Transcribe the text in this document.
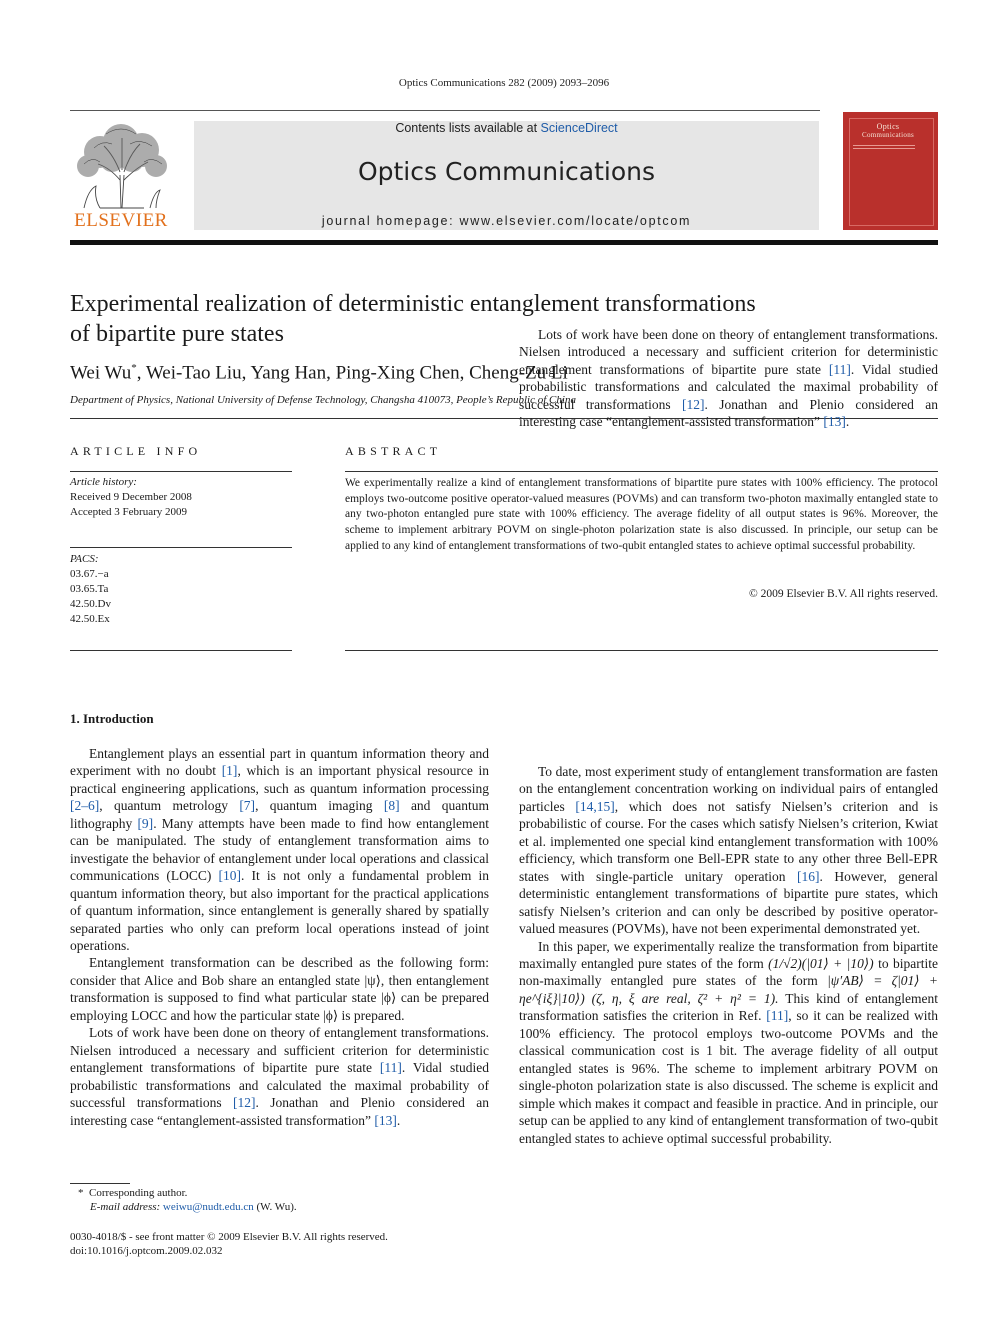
Optics Communications 282 (2009) 2093–2096
ELSEVIER
Contents lists available at ScienceDirect
Optics Communications
journal homepage: www.elsevier.com/locate/optcom
Optics
Communications
Experimental realization of deterministic entanglement transformations
of bipartite pure states
Wei Wu*, Wei-Tao Liu, Yang Han, Ping-Xing Chen, Cheng-Zu Li
Department of Physics, National University of Defense Technology, Changsha 410073, People’s Republic of China
ARTICLE INFO
Article history:
Received 9 December 2008
Accepted 3 February 2009
PACS:
03.67.−a
03.65.Ta
42.50.Dv
42.50.Ex
ABSTRACT
We experimentally realize a kind of entanglement transformations of bipartite pure states with 100% efficiency. The protocol employs two-outcome positive operator-valued measures (POVMs) and can transform two-photon maximally entangled state to any two-photon entangled pure state with 100% efficiency. The average fidelity of all output states is 96%. Moreover, the scheme to implement arbitrary POVM on single-photon polarization state is also discussed. In principle, our setup can be applied to any kind of entanglement transformations of two-qubit entangled states to achieve optimal successful probability.
© 2009 Elsevier B.V. All rights reserved.
1. Introduction

Entanglement plays an essential part in quantum information theory and experiment with no doubt [1], which is an important physical resource in practical engineering applications, such as quantum information processing [2–6], quantum metrology [7], quantum imaging [8] and quantum lithography [9]. Many attempts have been made to find how entanglement can be manipulated. The study of entanglement transformation aims to investigate the behavior of entanglement under local operations and classical communications (LOCC) [10]. It is not only a fundamental problem in quantum information theory, but also important for the practical applications of quantum information, since entanglement is generally shared by spatially separated parties who only can preform local operations instead of joint operations.

Entanglement transformation can be described as the following form: consider that Alice and Bob share an entangled state |ψ⟩, then entanglement transformation is supposed to find what particular state |ϕ⟩ can be prepared employing LOCC and how the particular state |ϕ⟩ is prepared.

Lots of work have been done on theory of entanglement transformations. Nielsen introduced a necessary and sufficient criterion for deterministic entanglement transformations of bipartite pure state [11]. Vidal studied probabilistic transformations and calculated the maximal probability of successful transformations [12]. Jonathan and Plenio considered an interesting case “entanglement-assisted transformation” [13].

* Corresponding author.
E-mail address: weiwu@nudt.edu.cn (W. Wu).
0030-4018/$ - see front matter © 2009 Elsevier B.V. All rights reserved.
doi:10.1016/j.optcom.2009.02.032

Lots of work have been done on theory of entanglement transformations. Nielsen introduced a necessary and sufficient criterion for deterministic entanglement transformations of bipartite pure state [11]. Vidal studied probabilistic transformations and calculated the maximal probability of successful transformations [12]. Jonathan and Plenio considered an interesting case “entanglement-assisted transformation” [13].

To date, most experiment study of entanglement transformation are fasten on the entanglement concentration working on individual pairs of entangled particles [14,15], which does not satisfy Nielsen’s criterion and is probabilistic of course. For the cases which satisfy Nielsen’s criterion, Kwiat et al. implemented one special kind entanglement transformation with 100% efficiency, which transform one Bell-EPR state to any other three Bell-EPR states with single-particle unitary operation [16]. However, general deterministic entanglement transformations of bipartite pure states, which satisfy Nielsen’s criterion and can only be described by positive operator-valued measures (POVMs), have not been experimental demonstrated yet.

In this paper, we experimentally realize the transformation from bipartite maximally entangled pure states of the form (1/√2)(|01⟩ + |10⟩) to bipartite non-maximally entangled pure states of the form |ψ′AB⟩ = ζ|01⟩ + ηe^{iξ}|10⟩) (ζ, η, ξ are real, ζ² + η² = 1). This kind of entanglement transformation satisfies the criterion in Ref. [11], so it can be realized with 100% efficiency. The protocol employs two-outcome POVMs and the classical communication cost is 1 bit. The average fidelity of all output entangled states is 96%. The scheme to implement arbitrary POVM on single-photon polarization state is also discussed. The scheme is explicit and simple which makes it compact and feasible in practice. And in principle, our setup can be applied to any kind of entanglement transformation of two-qubit entangled states to achieve optimal successful probability.
